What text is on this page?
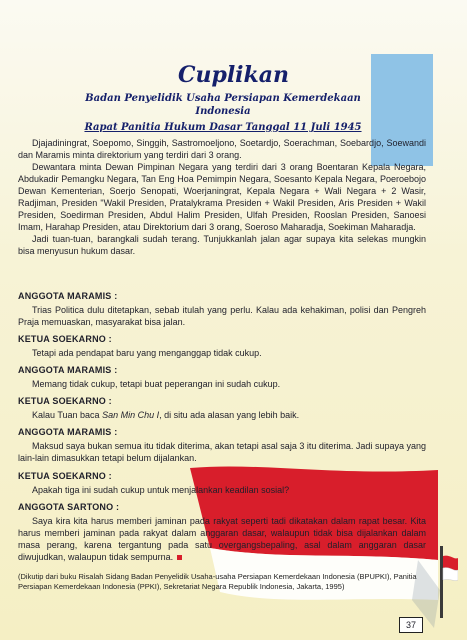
Cuplikan
Badan Penyelidik Usaha Persiapan Kemerdekaan
Indonesia
Rapat Panitia Hukum Dasar Tanggal 11 Juli 1945

Djajadiningrat, Soepomo, Singgih, Sastromoeljono, Soetardjo, Soerachman, Soebardjo, Soewandi dan Maramis minta direktorium yang terdiri dari 3 orang.

Dewantara minta Dewan Pimpinan Negara yang terdiri dari 3 orang Boentaran Kepala Negara, Abdukadir Pemangku Negara, Tan Eng Hoa Pemimpin Negara, Soesanto Kepala Negara, Poeroebojo Dewan Kementerian, Soerjo Senopati, Woerjaningrat, Kepala Negara + Wali Negara + 2 Wasir, Radjiman, Presiden "Wakil Presiden, Pratalykrama Presiden + Wakil Presiden, Aris Presiden + Wakil Presiden, Soedirman Presiden, Abdul Halim Presiden, Ulfah Presiden, Rooslan Presiden, Sanoesi Imam, Harahap Presiden, atau Direktorium dari 3 orang, Soeroso Maharadja, Soekiman Maharadja.

Jadi tuan-tuan, barangkali sudah terang. Tunjukkanlah jalan agar supaya kita selekas mungkin bisa menyusun hukum dasar.

ANGGOTA MARAMIS :

Trias Politica dulu ditetapkan, sebab itulah yang perlu. Kalau ada kehakiman, polisi dan Pengreh Praja memuaskan, masyarakat bisa jalan.

KETUA SOEKARNO :

Tetapi ada pendapat baru yang menganggap tidak cukup.

ANGGOTA MARAMIS :

Memang tidak cukup, tetapi buat peperangan ini sudah cukup.

KETUA SOEKARNO :

Kalau Tuan baca San Min Chu I, di situ ada alasan yang lebih baik.

ANGGOTA MARAMIS :

Maksud saya bukan semua itu tidak diterima, akan tetapi asal saja 3 itu diterima. Jadi supaya yang lain-lain dimasukkan tetapi belum dijalankan.

KETUA SOEKARNO :

Apakah tiga ini sudah cukup untuk menjalankan keadilan sosial?

ANGGOTA SARTONO :

Saya kira kita harus memberi jaminan pada rakyat seperti tadi dikatakan dalam rapat besar. Kita harus memberi jaminan pada rakyat dalam anggaran dasar, walaupun tidak bisa dijalankan dalam masa perang, karena tergantung pada satu overgangsbepaling, asal dalam anggaran dasar diwujudkan, walaupun tidak sempurna.

(Dikutip dari buku Risalah Sidang Badan Penyelidik Usaha-usaha Persiapan Kemerdekaan Indonesia (BPUPKI), Panitia Persiapan Kemerdekaan Indonesia (PPKI), Sekretariat Negara Republik Indonesia, Jakarta, 1995)
37
